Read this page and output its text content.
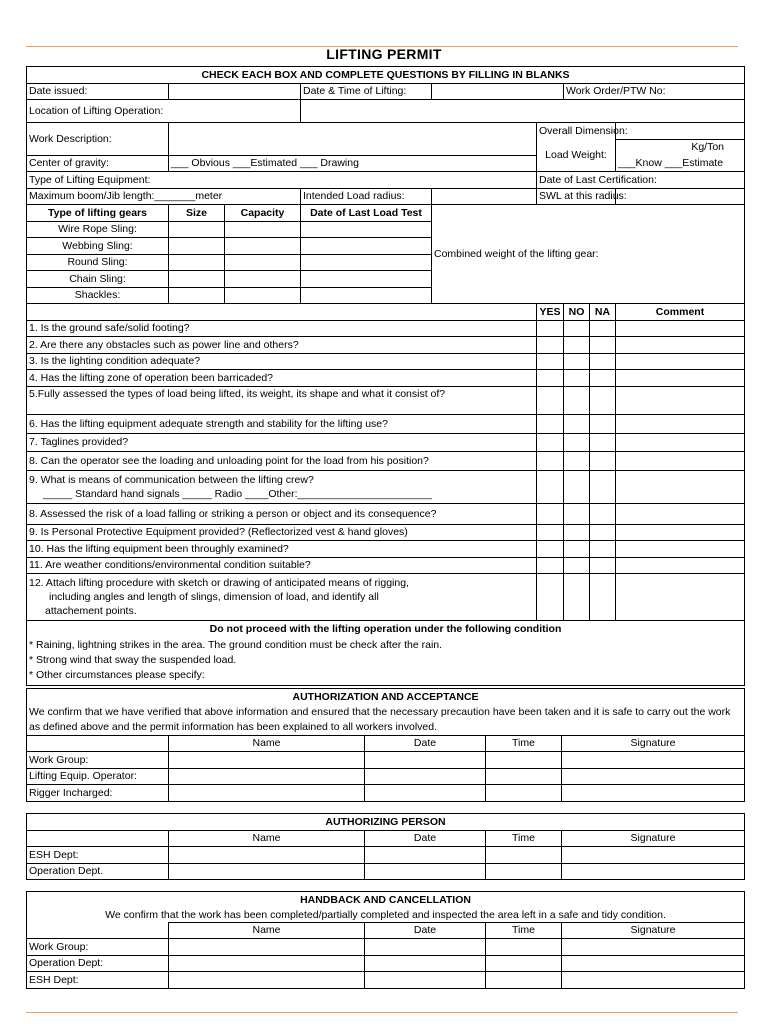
LIFTING PERMIT
CHECK EACH BOX AND COMPLETE QUESTIONS BY FILLING IN BLANKS								
Date issued:			Date & Time of Lifting:			Work Order/PTW No:		
Location of Lifting Operation:								
Work Description:					Overall Dimension:			
					Load Weight:			Kg/Ton
Center of gravity:	___ Obvious ___Estimated ___ Drawing							___Know ___Estimate
Type of Lifting Equipment:					Date of Last Certification:			
Maximum boom/Jib length:_______meter			Intended Load radius:		SWL at this radius:			
Type of lifting gears	Size	Capacity	Date of Last Load Test	Combined weight of the lifting gear:				
Wire Rope Sling:								
Webbing Sling:								
Round Sling:								
Chain Sling:								
Shackles:								
					YES	NO	NA	Comment
1. Is the ground safe/solid footing?								
2. Are there any obstacles such as power line and others?								
3. Is the lighting condition adequate?								
4. Has the lifting zone of operation been barricaded?								
5.Fully assessed the types of load being lifted, its weight, its shape and what it consist of?								
6. Has the lifting equipment adequate strength and stability for the lifting use?								
7. Taglines provided?								
8. Can the operator see the loading and unloading point for the load from his position?								

9. What is means of communication between the lifting crew?
_____ Standard hand signals _____ Radio ____Other:_______________________								

8. Assessed the risk of a load falling or striking a person or object and its consequence?								
9. Is Personal Protective Equipment provided? (Reflectorized vest & hand gloves)								
10. Has the lifting equipment been throughly examined?								
11. Are weather conditions/environmental condition suitable?								

12. Attach lifting procedure with sketch or drawing of anticipated means of rigging,
including angles and length of slings, dimension of load, and identify all
attachement points.								

Do not proceed with the lifting operation under the following condition
* Raining, lightning strikes in the area. The ground condition must be check after the rain.
* Strong wind that sway the suspended load.
* Other circumstances please specify:								
AUTHORIZATION AND ACCEPTANCE				
We confirm that we have verified that above information and ensured that the necessary precaution have been taken and it is safe to carry out the work as defined above and the permit information has been explained to all workers involved.				
	Name	Date	Time	Signature
Work Group:				
Lifting Equip. Operator:				
Rigger Incharged:				
AUTHORIZING PERSON				
	Name	Date	Time	Signature
ESH Dept:				
Operation Dept.				
HANDBACK AND CANCELLATION				
We confirm that the work has been completed/partially completed and inspected the area left in a safe and tidy condition.				
	Name	Date	Time	Signature
Work Group:				
Operation Dept:				
ESH Dept:				
